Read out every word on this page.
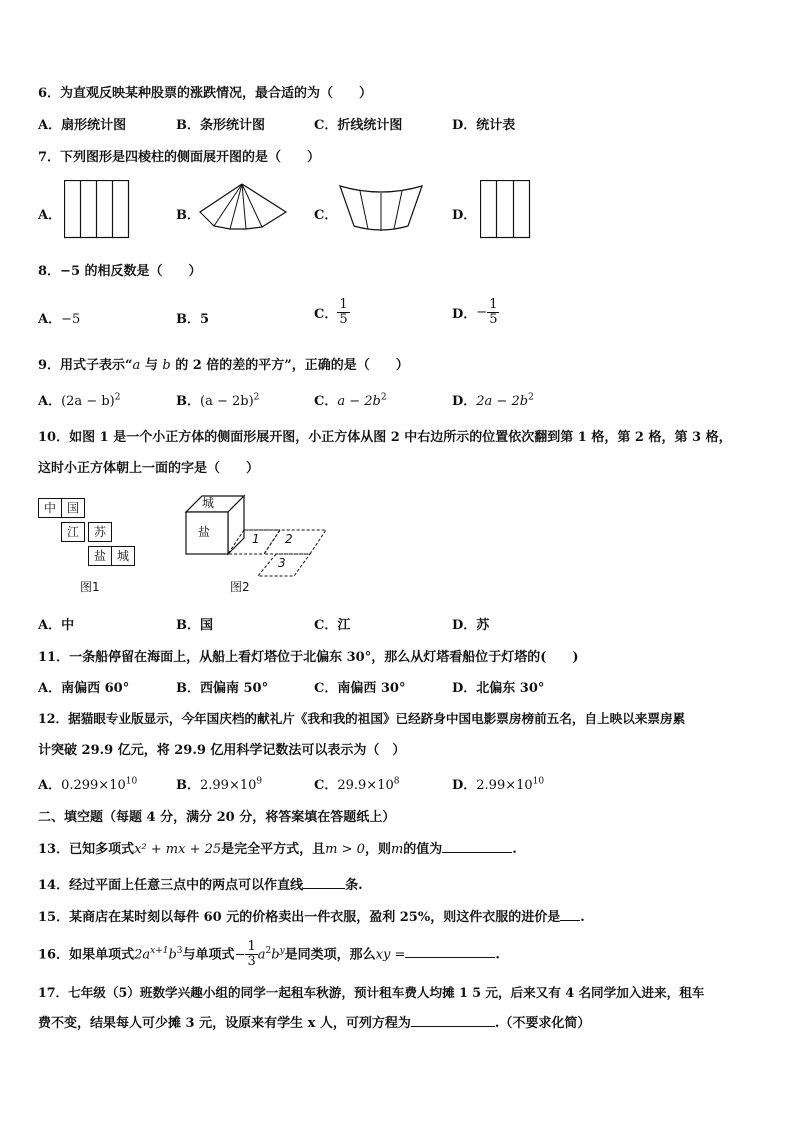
6．为直观反映某种股票的涨跌情况，最合适的为（　　）
A．扇形统计图	B．条形统计图	C．折线统计图	D．统计表
7．下列图形是四棱柱的侧面展开图的是（　　）
A．	B．	C．	D．
8．−5 的相反数是（　　）
A．−5	B．5	C． $\frac{1}{5}$	D．− $\frac{1}{5}$
9．用式子表示“a 与 b 的 2 倍的差的平方”，正确的是（　　）
A．$(2a - b)^2$	B．$(a - 2b)^2$	C．$a - 2b^2$	D．$2a - 2b^2$
10．如图 1 是一个小正方体的侧面形展开图，小正方体从图 2 中右边所示的位置依次翻到第 1 格，第 2 格，第 3 格，
这时小正方体朝上一面的字是（　　）
中 国
江	苏
盐 城
图1
城
盐	1 2
3
图2
A．中	B．国	C．江	D．苏
11．一条船停留在海面上，从船上看灯塔位于北偏东 30°，那么从灯塔看船位于灯塔的(　　)
A．南偏西 60°	B．西偏南 50°	C．南偏西 30°	D．北偏东 30°
12．据猫眼专业版显示，今年国庆档的献礼片《我和我的祖国》已经跻身中国电影票房榜前五名，自上映以来票房累
计突破 29.9 亿元，将 29.9 亿用科学记数法可以表示为（　）
A．$0.299\times 10^{10}$	B．$2.99\times 10^9$	C．$29.9\times 10^8$	D．$2.99\times 10^{10}$
二、填空题（每题 4 分，满分 20 分，将答案填在答题纸上）
13．已知多项式x² + mx + 25是完全平方式，且m > 0，则m的值为	.
14．经过平面上任意三点中的两点可以作直线	条.
15．某商店在某时刻以每件 60 元的价格卖出一件衣服，盈利 25%，则这件衣服的进价是 .
16．如果单项式$2a^{x+1}b^3$与单项式− $\frac{1}{3} a^2b^y$是同类项，那么xy =	.
17．七年级（5）班数学兴趣小组的同学一起租车秋游，预计租车费人均摊 1 5 元，后来又有 4 名同学加入进来，租车
费不变，结果每人可少摊 3 元，设原来有学生 x 人，可列方程为	.（不要求化简）
